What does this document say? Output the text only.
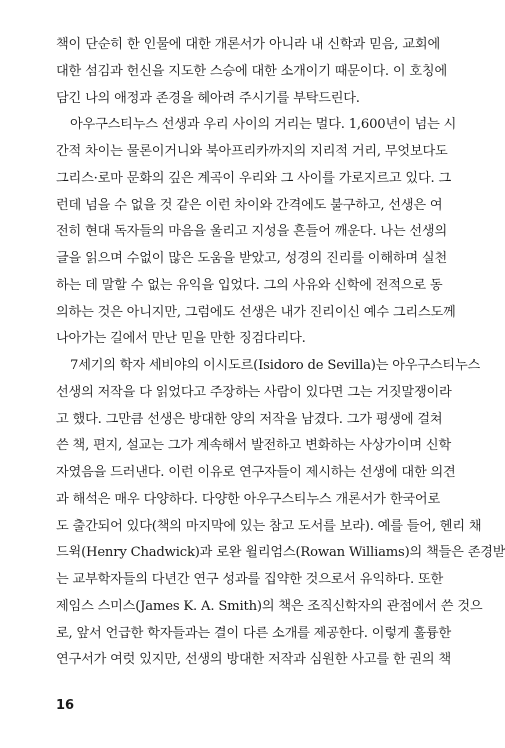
책이 단순히 한 인물에 대한 개론서가 아니라 내 신학과 믿음, 교회에
대한 섬김과 헌신을 지도한 스승에 대한 소개이기 때문이다. 이 호칭에
담긴 나의 애정과 존경을 헤아려 주시기를 부탁드린다.
아우구스티누스 선생과 우리 사이의 거리는 멀다. 1,600년이 넘는 시
간적 차이는 물론이거니와 북아프리카까지의 지리적 거리, 무엇보다도
그리스·로마 문화의 깊은 계곡이 우리와 그 사이를 가로지르고 있다. 그
런데 넘을 수 없을 것 같은 이런 차이와 간격에도 불구하고, 선생은 여
전히 현대 독자들의 마음을 울리고 지성을 흔들어 깨운다. 나는 선생의
글을 읽으며 수없이 많은 도움을 받았고, 성경의 진리를 이해하며 실천
하는 데 말할 수 없는 유익을 입었다. 그의 사유와 신학에 전적으로 동
의하는 것은 아니지만, 그럼에도 선생은 내가 진리이신 예수 그리스도께
나아가는 길에서 만난 믿을 만한 징검다리다.
7세기의 학자 세비야의 이시도르(Isidoro de Sevilla)는 아우구스티누스
선생의 저작을 다 읽었다고 주장하는 사람이 있다면 그는 거짓말쟁이라
고 했다. 그만큼 선생은 방대한 양의 저작을 남겼다. 그가 평생에 걸쳐
쓴 책, 편지, 설교는 그가 계속해서 발전하고 변화하는 사상가이며 신학
자였음을 드러낸다. 이런 이유로 연구자들이 제시하는 선생에 대한 의견
과 해석은 매우 다양하다. 다양한 아우구스티누스 개론서가 한국어로
도 출간되어 있다(책의 마지막에 있는 참고 도서를 보라). 예를 들어, 헨리 채
드윅(Henry Chadwick)과 로완 윌리엄스(Rowan Williams)의 책들은 존경받
는 교부학자들의 다년간 연구 성과를 집약한 것으로서 유익하다. 또한
제임스 스미스(James K. A. Smith)의 책은 조직신학자의 관점에서 쓴 것으
로, 앞서 언급한 학자들과는 결이 다른 소개를 제공한다. 이렇게 훌륭한
연구서가 여럿 있지만, 선생의 방대한 저작과 심원한 사고를 한 권의 책
16
